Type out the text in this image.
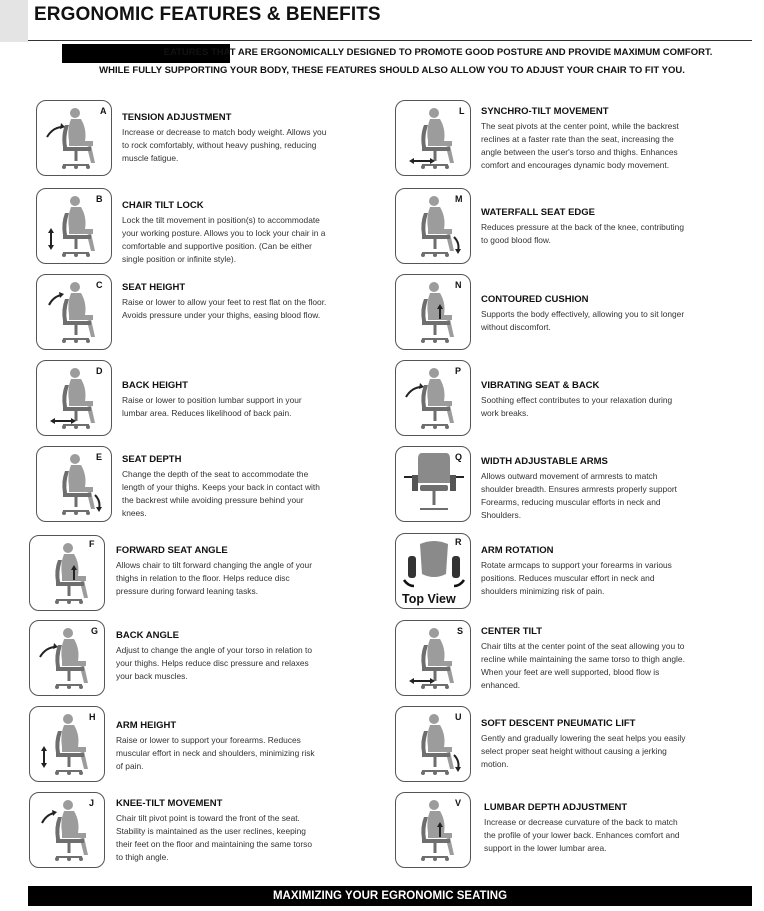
ERGONOMIC FEATURES & BENEFITS
EATURES THAT ARE ERGONOMICALLY DESIGNED TO PROMOTE GOOD POSTURE AND PROVIDE MAXIMUM COMFORT.
WHILE FULLY SUPPORTING YOUR BODY, THESE FEATURES SHOULD ALSO ALLOW YOU TO ADJUST YOUR CHAIR TO FIT YOU.
A
TENSION ADJUSTMENT
Increase or decrease to match body weight. Allows you to rock comfortably, without heavy pushing, reducing muscle fatigue.
B
CHAIR TILT LOCK
Lock the tilt movement in position(s) to accommodate your working posture. Allows you to lock your chair in a comfortable and supportive position. (Can be either single position or infinite style).
C SEAT HEIGHT
Raise or lower to allow your feet to rest flat on the floor. Avoids pressure under your thighs, easing blood flow.
D
BACK HEIGHT
Raise or lower to position lumbar support in your lumbar area. Reduces likelihood of back pain.
E SEAT DEPTH
Change the depth of the seat to accommodate the length of your thighs. Keeps your back in contact with the backrest while avoiding pressure behind your knees.
F
FORWARD SEAT ANGLE
Allows chair to tilt forward changing the angle of your thighs in relation to the floor. Helps reduce disc pressure during forward leaning tasks.
G BACK ANGLE
Adjust to change the angle of your torso in relation to your thighs. Helps reduce disc pressure and relaxes your back muscles.
H
ARM HEIGHT
Raise or lower to support your forearms. Reduces muscular effort in neck and shoulders, minimizing risk of pain.
J KNEE-TILT MOVEMENT
Chair tilt pivot point is toward the front of the seat. Stability is maintained as the user reclines, keeping their feet on the floor and maintaining the same torso to thigh angle.
L SYNCHRO-TILT MOVEMENT
The seat pivots at the center point, while the backrest reclines at a faster rate than the seat, increasing the angle between the user's torso and thighs. Enhances comfort and encourages dynamic body movement.
M
WATERFALL SEAT EDGE
Reduces pressure at the back of the knee, contributing to good blood flow.
N
CONTOURED CUSHION
Supports the body effectively, allowing you to sit longer without discomfort.
P
VIBRATING SEAT & BACK
Soothing effect contributes to your relaxation during work breaks.
Q WIDTH ADJUSTABLE ARMS
Allows outward movement of armrests to match shoulder breadth. Ensures armrests properly support Forearms, reducing muscular efforts in neck and Shoulders.
Top View
R
ARM ROTATION
Rotate armcaps to support your forearms in various positions. Reduces muscular effort in neck and shoulders minimizing risk of pain.
S CENTER TILT
Chair tilts at the center point of the seat allowing you to recline while maintaining the same torso to thigh angle. When your feet are well supported, blood flow is enhanced.
U
SOFT DESCENT PNEUMATIC LIFT
Gently and gradually lowering the seat helps you easily select proper seat height without causing a jerking motion.
V LUMBAR DEPTH ADJUSTMENT
Increase or decrease curvature of the back to match the profile of your lower back. Enhances comfort and support in the lower lumbar area.
MAXIMIZING YOUR EGRONOMIC SEATING
